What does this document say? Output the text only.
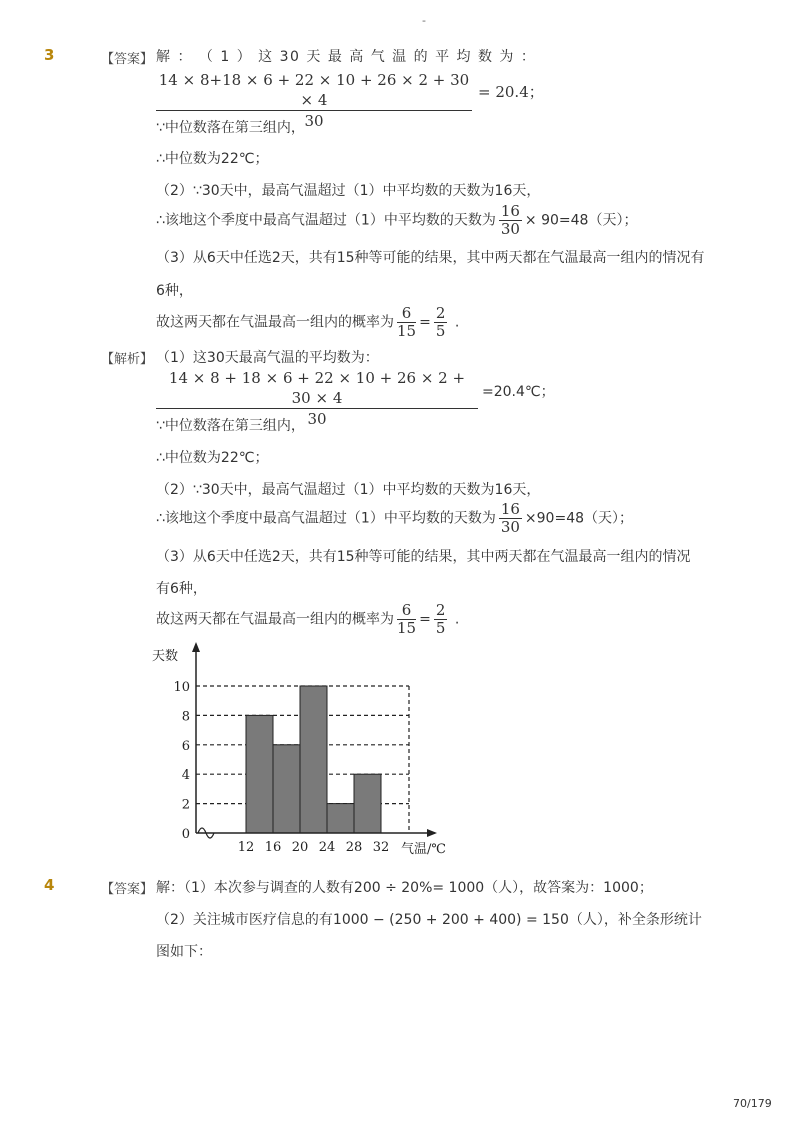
-
3	【答案】 解 ： （ 1 ） 这 30 天 最 高 气 温 的 平 均 数 为 ：
14 × 8+18 × 6 + 22 × 10 + 26 × 2 + 30 × 4
30
= 20.4；
∵中位数落在第三组内，
∴中位数为22℃；
（2）∵30天中，最高气温超过（1）中平均数的天数为16天，
∴该地这个季度中最高气温超过（1）中平均数的天数为 $\frac{16}{30} \times 90=48$（天）；
（3）从6天中任选2天，共有15种等可能的结果，其中两天都在气温最高一组内的情况有
6种，
故这两天都在气温最高一组内的概率为 $\frac{6}{15} = \frac{2}{5}$ .
【解析】 （1）这30天最高气温的平均数为：
14 × 8 + 18 × 6 + 22 × 10 + 26 × 2 + 30 × 4
30
=20.4℃；
∵中位数落在第三组内，
∴中位数为22℃；
（2）∵30天中，最高气温超过（1）中平均数的天数为16天，
∴该地这个季度中最高气温超过（1）中平均数的天数为 $\frac{16}{30} \times 90=48$（天）；
（3）从6天中任选2天，共有15种等可能的结果，其中两天都在气温最高一组内的情况
有6种，
故这两天都在气温最高一组内的概率为 $\frac{6}{15} = \frac{2}{5}$ .
0
2
4
6
8
10
12 16 20 24 28 32
天数
气温/℃
4	【答案】 解：（1）本次参与调查的人数有200 ÷ 20%= 1000（人），故答案为：1000；
（2）关注城市医疗信息的有1000 − (250 + 200 + 400) = 150（人），补全条形统计
图如下：
70/179
